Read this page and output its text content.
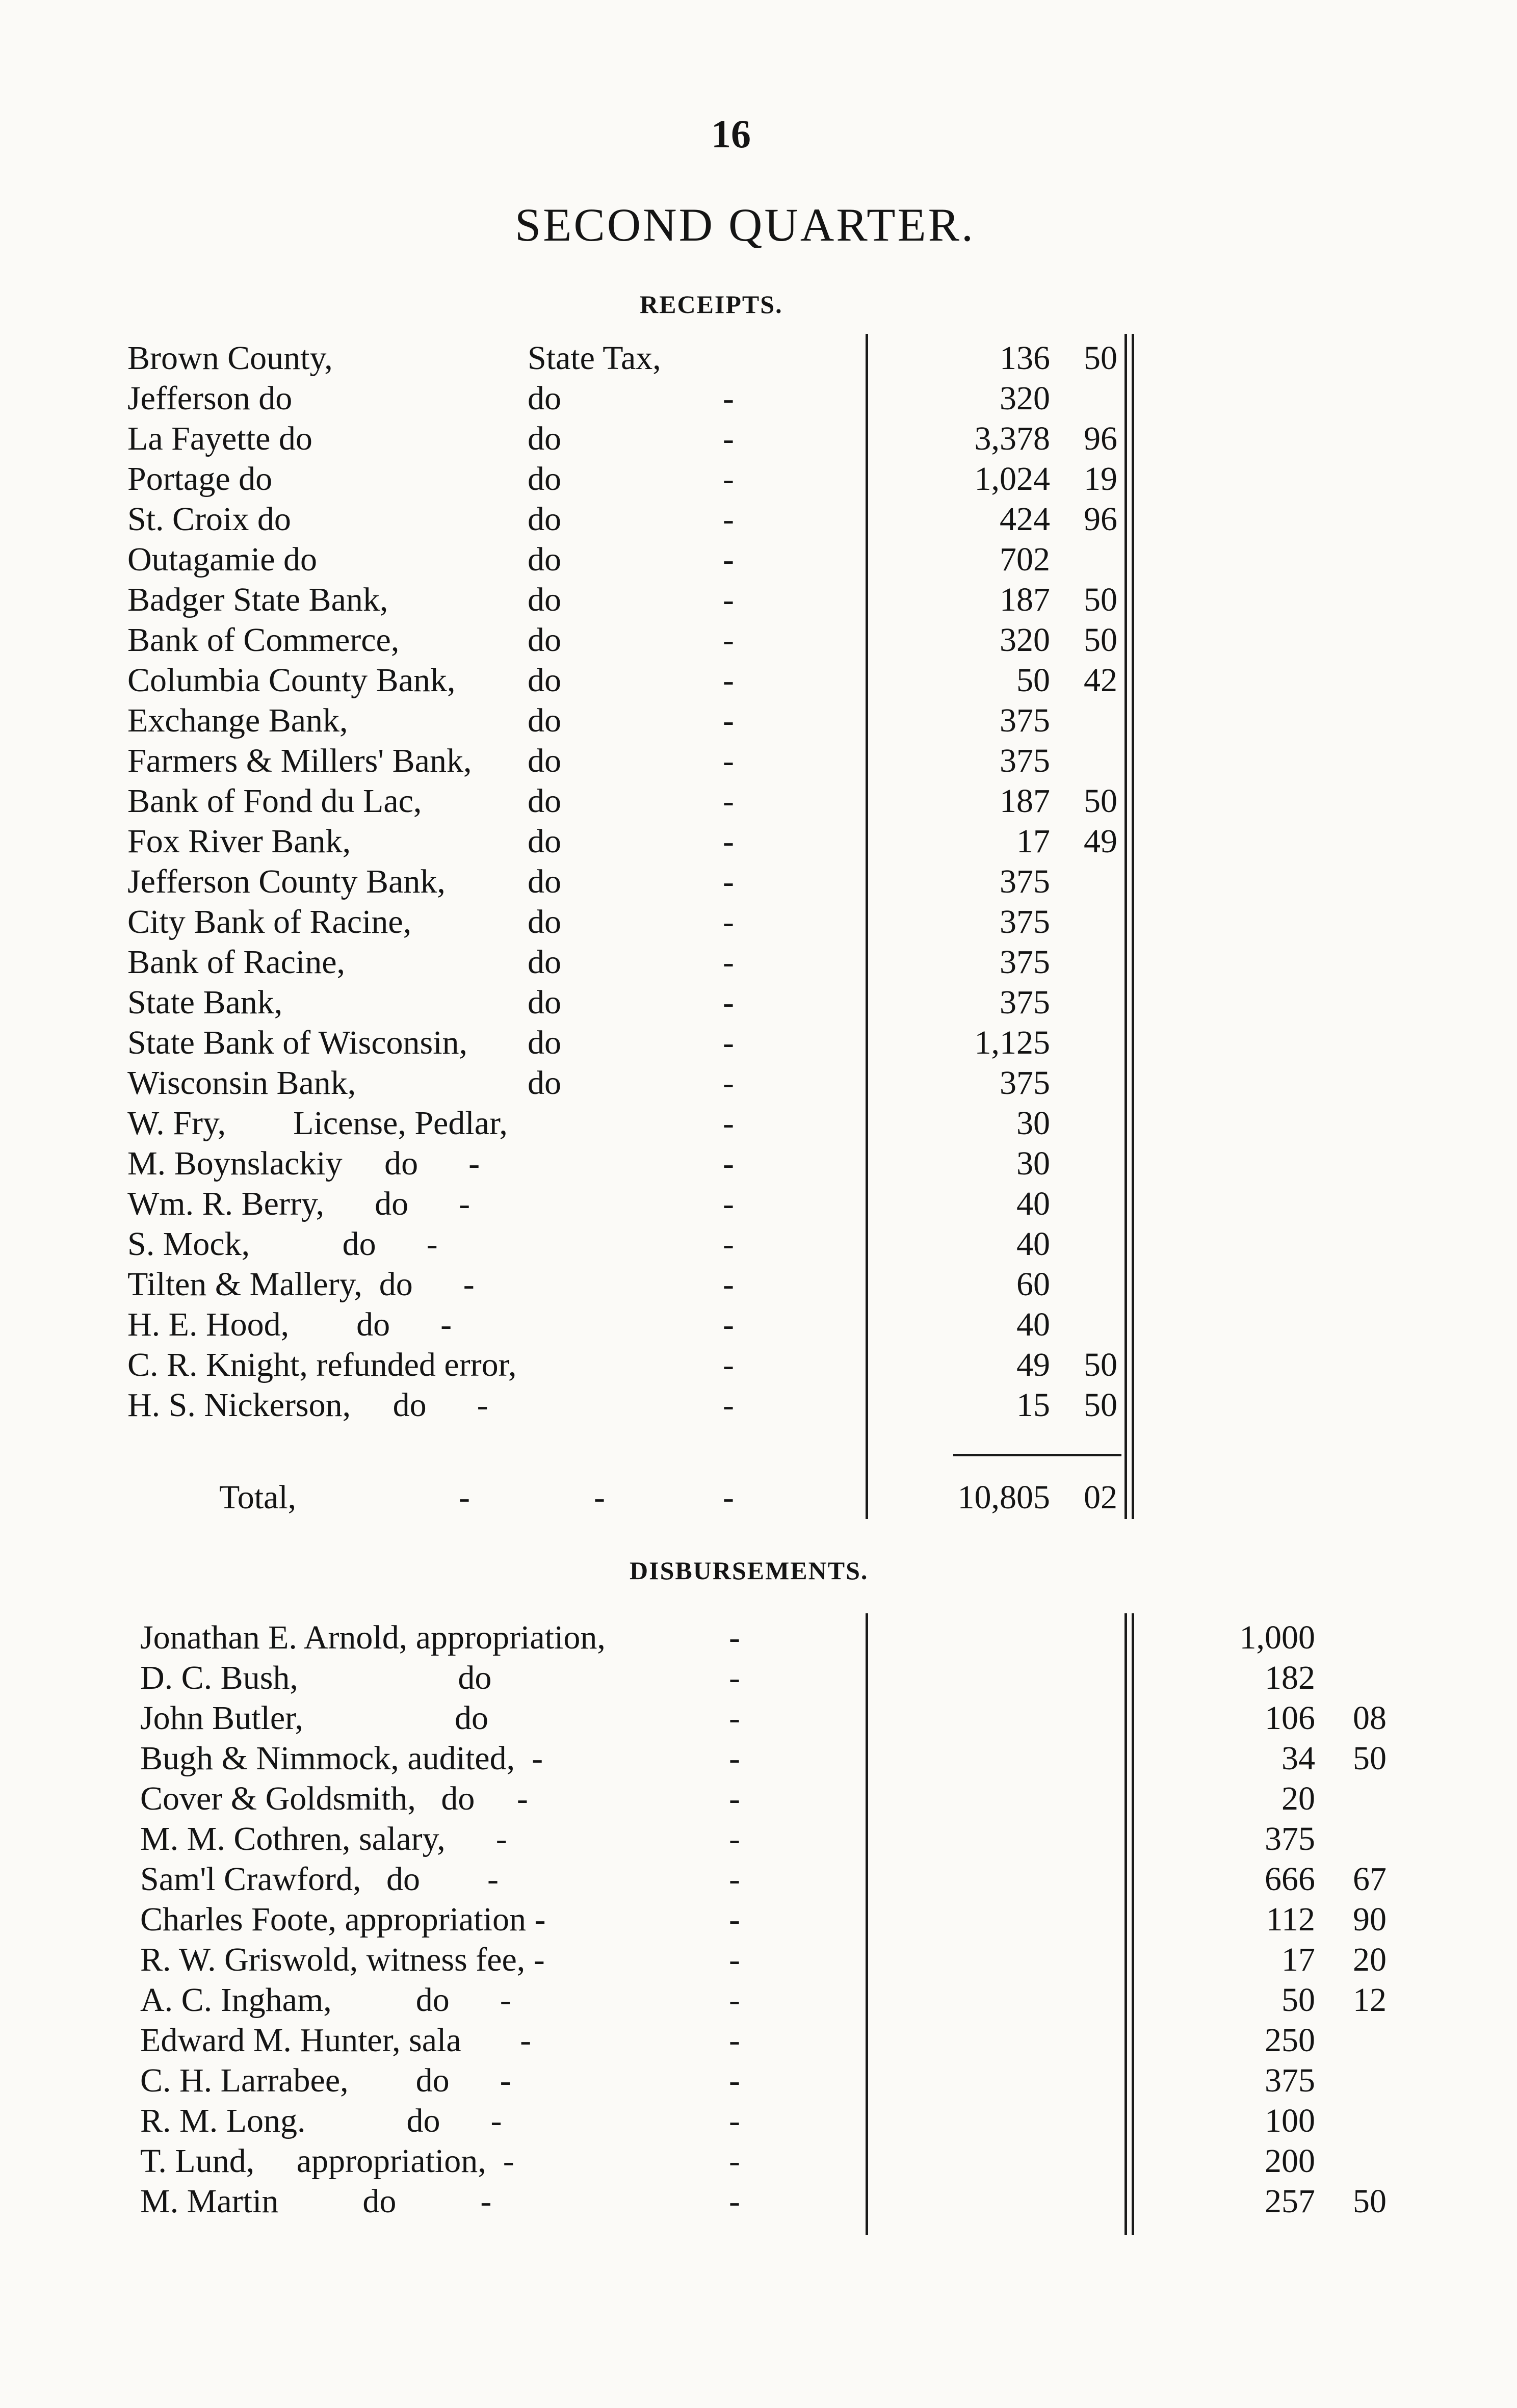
16
SECOND QUARTER.
RECEIPTS.
Brown County,	State Tax,	136	50
Jefferson do	do	-	320
La Fayette do	do	-	3,378	96
Portage do	do	-	1,024	19
St. Croix do	do	-	424	96
Outagamie do	do	-	702
Badger State Bank,	do	-	187	50
Bank of Commerce,	do	-	320	50
Columbia County Bank, do	-	50	42
Exchange Bank,	do	-	375
Farmers & Millers' Bank, do	-	375
Bank of Fond du Lac,	do	-	187	50
Fox River Bank,	do	-	17	49
Jefferson County Bank, do	-	375
City Bank of Racine,	do	-	375
Bank of Racine,	do	-	375
State Bank,	do	-	375
State Bank of Wisconsin, do	-	1,125
Wisconsin Bank,	do	-	375
W. Fry,        License, Pedlar,	-	30
M. Boynslackiy     do      -	-	30
Wm. R. Berry,      do      -	-	40
S. Mock,           do      -	-	40
Tilten & Mallery,  do      -	-	60
H. E. Hood,        do      -	-	40
C. R. Knight, refunded error,	-	49	50
H. S. Nickerson,     do      -	-	15	50
Total,	-	-	-	10,805	02
DISBURSEMENTS.
Jonathan E. Arnold, appropriation,	-	1,000
D. C. Bush,                   do	-	182
John Butler,                  do	-	106	08
Bugh & Nimmock, audited,  -	-	34	50
Cover & Goldsmith,   do     -	-	20
M. M. Cothren, salary,      -	-	375
Sam'l Crawford,   do        -	-	666	67
Charles Foote, appropriation -	-	112	90
R. W. Griswold, witness fee, -	-	17	20
A. C. Ingham,          do      -	-	50	12
Edward M. Hunter, sala       -	-	250
C. H. Larrabee,        do      -	-	375
R. M. Long.            do      -	-	100
T. Lund,     appropriation,  -	-	200
M. Martin          do          -	-	257	50
